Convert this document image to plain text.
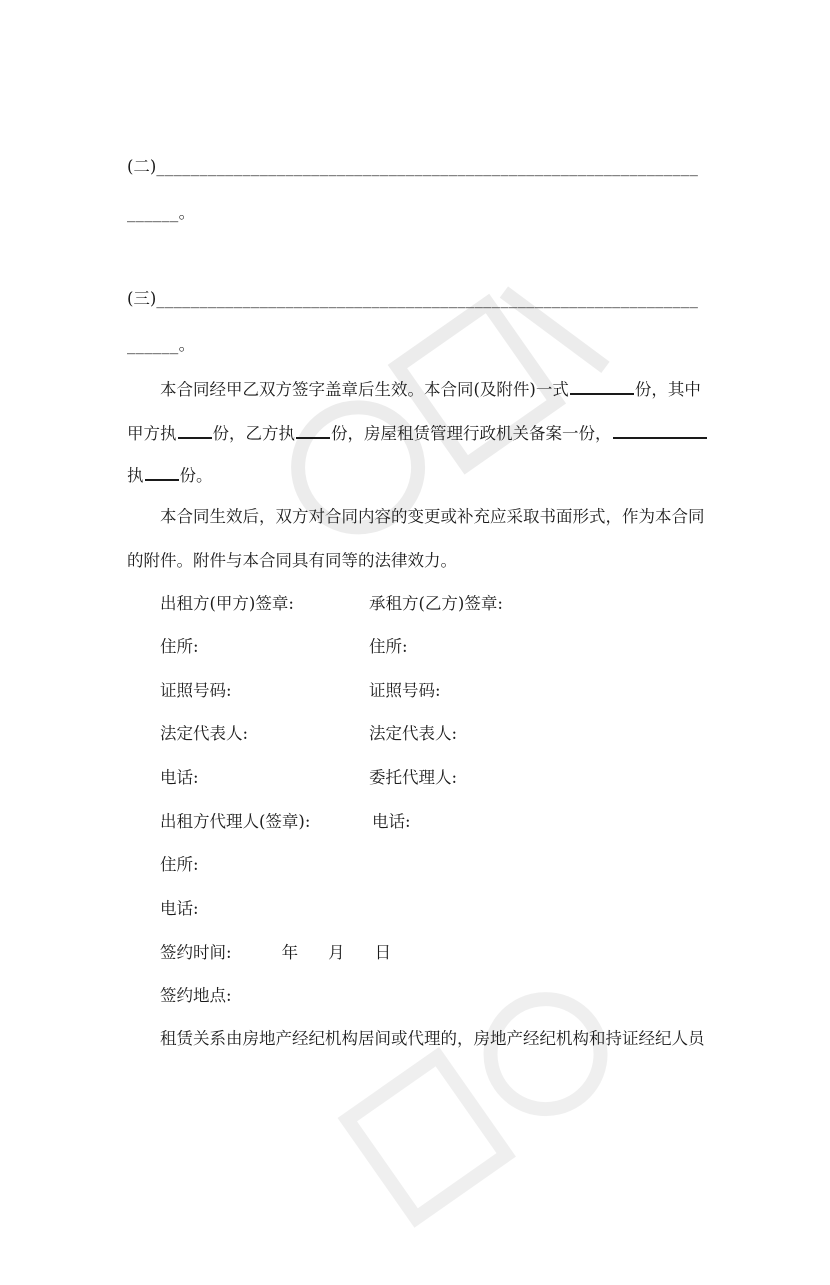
(二)_______________________________________________________________
______。
(三)_______________________________________________________________
______。
本合同经甲乙双方签字盖章后生效。本合同(及附件)一式	份，其中
甲方执 份，乙方执 份，房屋租赁管理行政机关备案一份，
执 份。
本合同生效后，双方对合同内容的变更或补充应采取书面形式，作为本合同
的附件。附件与本合同具有同等的法律效力。
出租方(甲方)签章:	承租方(乙方)签章:
住所:	住所:
证照号码:	证照号码:
法定代表人:	法定代表人:
电话:	委托代理人:
出租方代理人(签章):	电话:
住所:
电话:
签约时间:	年 月 日
签约地点:
租赁关系由房地产经纪机构居间或代理的，房地产经纪机构和持证经纪人员
